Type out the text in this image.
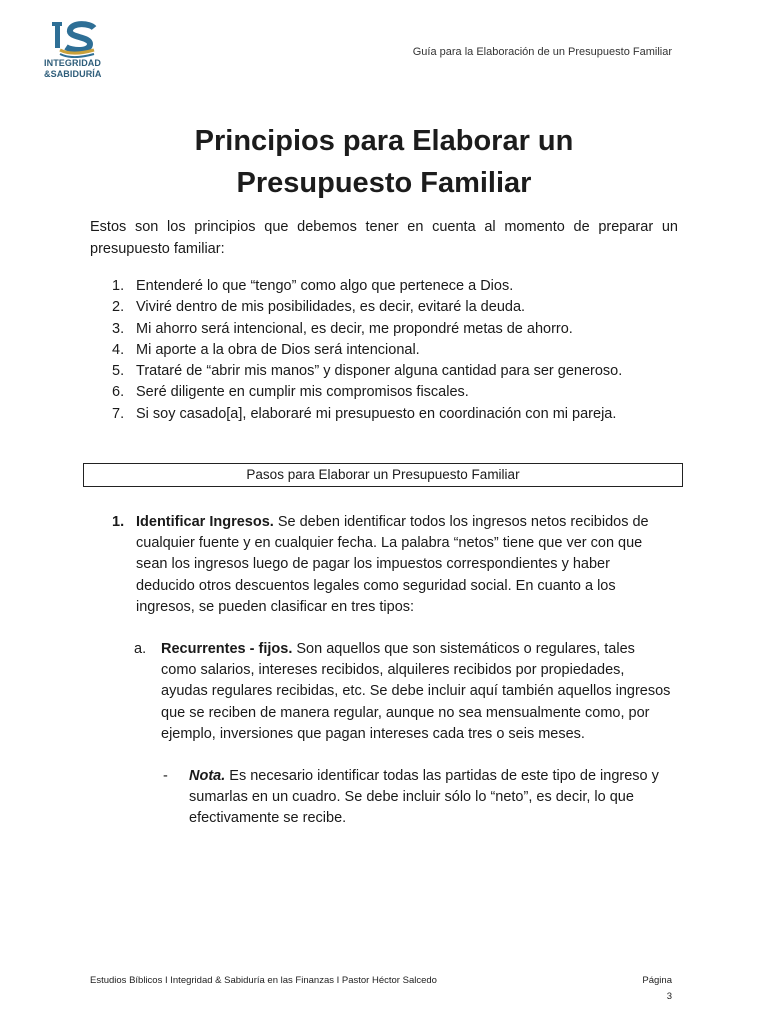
INTEGRIDAD &SABIDURÍA
Guía para la Elaboración de un Presupuesto Familiar
Principios para Elaborar un
Presupuesto Familiar

Estos son los principios que debemos tener en cuenta al momento de preparar un presupuesto familiar:

1. Entenderé lo que “tengo” como algo que pertenece a Dios.
2. Viviré dentro de mis posibilidades, es decir, evitaré la deuda.
3. Mi ahorro será intencional, es decir, me propondré metas de ahorro.
4. Mi aporte a la obra de Dios será intencional.
5. Trataré de “abrir mis manos” y disponer alguna cantidad para ser generoso.
6. Seré diligente en cumplir mis compromisos fiscales.
7. Si soy casado[a], elaboraré mi presupuesto en coordinación con mi pareja.
Pasos para Elaborar un Presupuesto Familiar
1. Identificar Ingresos. Se deben identificar todos los ingresos netos recibidos de cualquier fuente y en cualquier fecha. La palabra “netos” tiene que ver con que sean los ingresos luego de pagar los impuestos correspondientes y haber deducido otros descuentos legales como seguridad social. En cuanto a los ingresos, se pueden clasificar en tres tipos:
a. Recurrentes - fijos. Son aquellos que son sistemáticos o regulares, tales como salarios, intereses recibidos, alquileres recibidos por propiedades, ayudas regulares recibidas, etc. Se debe incluir aquí también aquellos ingresos que se reciben de manera regular, aunque no sea mensualmente como, por ejemplo, inversiones que pagan intereses cada tres o seis meses.
- Nota. Es necesario identificar todas las partidas de este tipo de ingreso y sumarlas en un cuadro. Se debe incluir sólo lo “neto”, es decir, lo que efectivamente se recibe.
Estudios Bíblicos I Integridad & Sabiduría en las Finanzas I Pastor Héctor Salcedo	Página
3
